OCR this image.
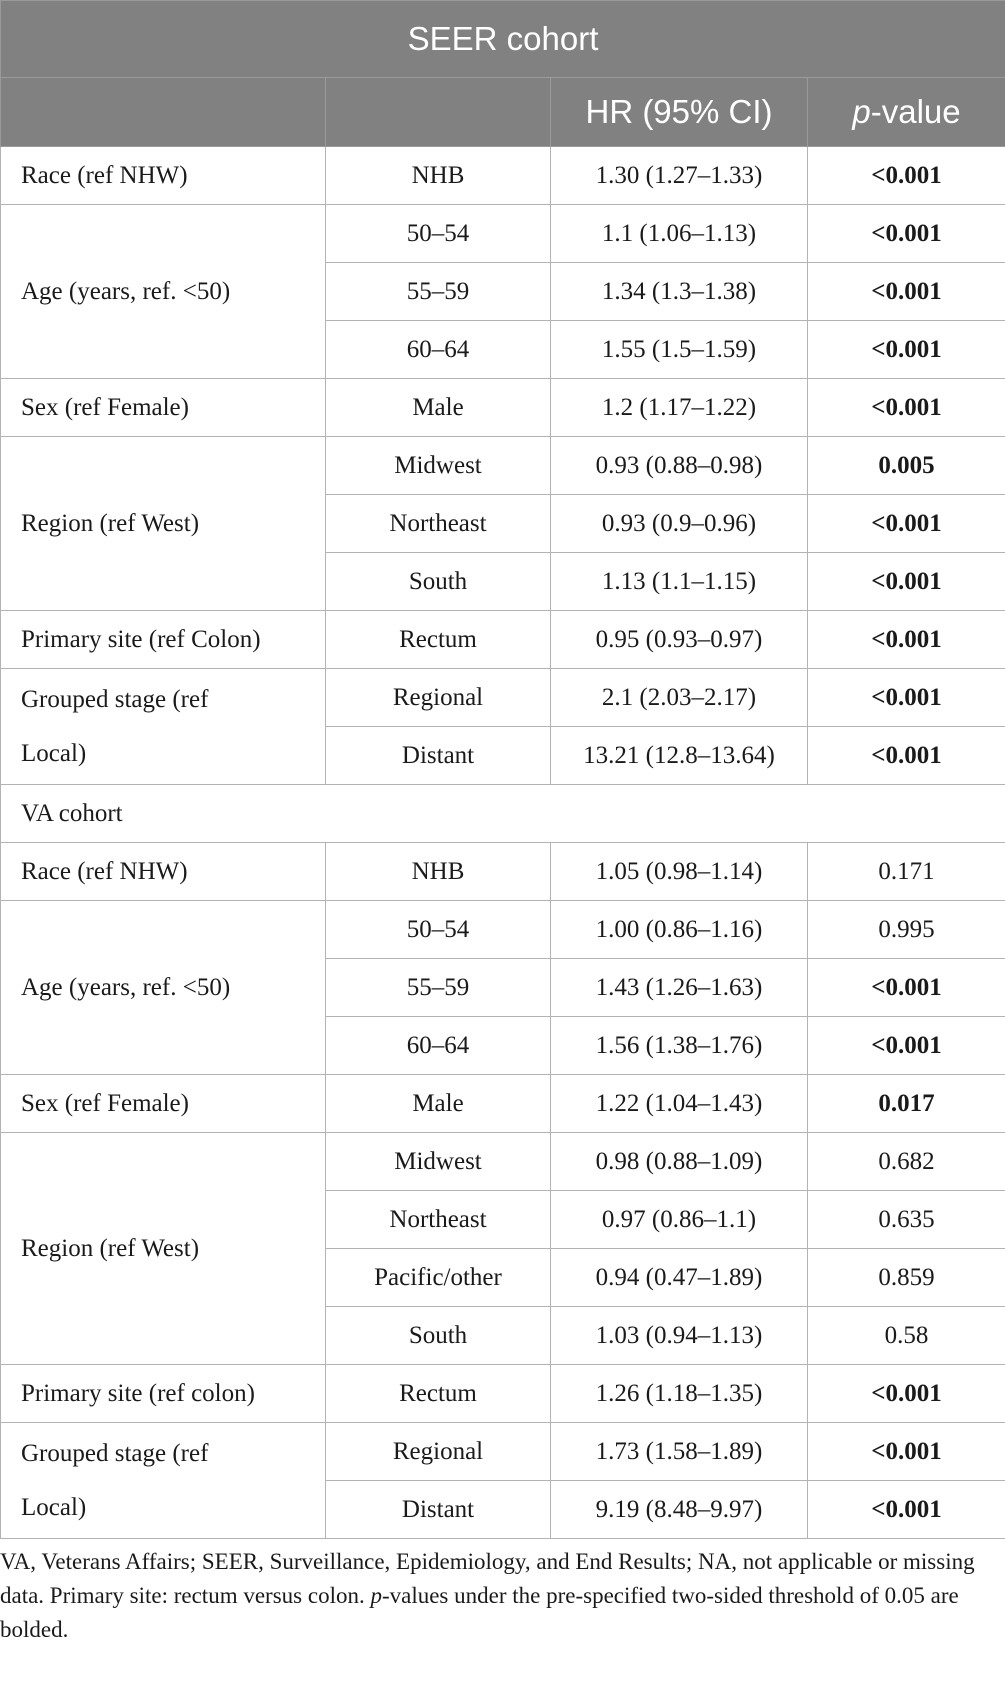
SEER cohort			
		HR (95% CI)	p-value
Race (ref NHW)	NHB	1.30 (1.27–1.33)	<0.001
Age (years, ref. <50)	50–54	1.1 (1.06–1.13)	<0.001
	55–59	1.34 (1.3–1.38)	<0.001
	60–64	1.55 (1.5–1.59)	<0.001
Sex (ref Female)	Male	1.2 (1.17–1.22)	<0.001
Region (ref West)	Midwest	0.93 (0.88–0.98)	0.005
	Northeast	0.93 (0.9–0.96)	<0.001
	South	1.13 (1.1–1.15)	<0.001
Primary site (ref Colon)	Rectum	0.95 (0.93–0.97)	<0.001
Grouped stage (ref
Local)	Regional	2.1 (2.03–2.17)	<0.001
	Distant	13.21 (12.8–13.64)	<0.001
VA cohort			
Race (ref NHW)	NHB	1.05 (0.98–1.14)	0.171
Age (years, ref. <50)	50–54	1.00 (0.86–1.16)	0.995
	55–59	1.43 (1.26–1.63)	<0.001
	60–64	1.56 (1.38–1.76)	<0.001
Sex (ref Female)	Male	1.22 (1.04–1.43)	0.017
Region (ref West)	Midwest	0.98 (0.88–1.09)	0.682
	Northeast	0.97 (0.86–1.1)	0.635
	Pacific/other	0.94 (0.47–1.89)	0.859
	South	1.03 (0.94–1.13)	0.58
Primary site (ref colon)	Rectum	1.26 (1.18–1.35)	<0.001
Grouped stage (ref
Local)	Regional	1.73 (1.58–1.89)	<0.001
	Distant	9.19 (8.48–9.97)	<0.001

VA, Veterans Affairs; SEER, Surveillance, Epidemiology, and End Results; NA, not applicable or missing data. Primary site: rectum versus colon. p-values under the pre-specified two-sided threshold of 0.05 are bolded.
